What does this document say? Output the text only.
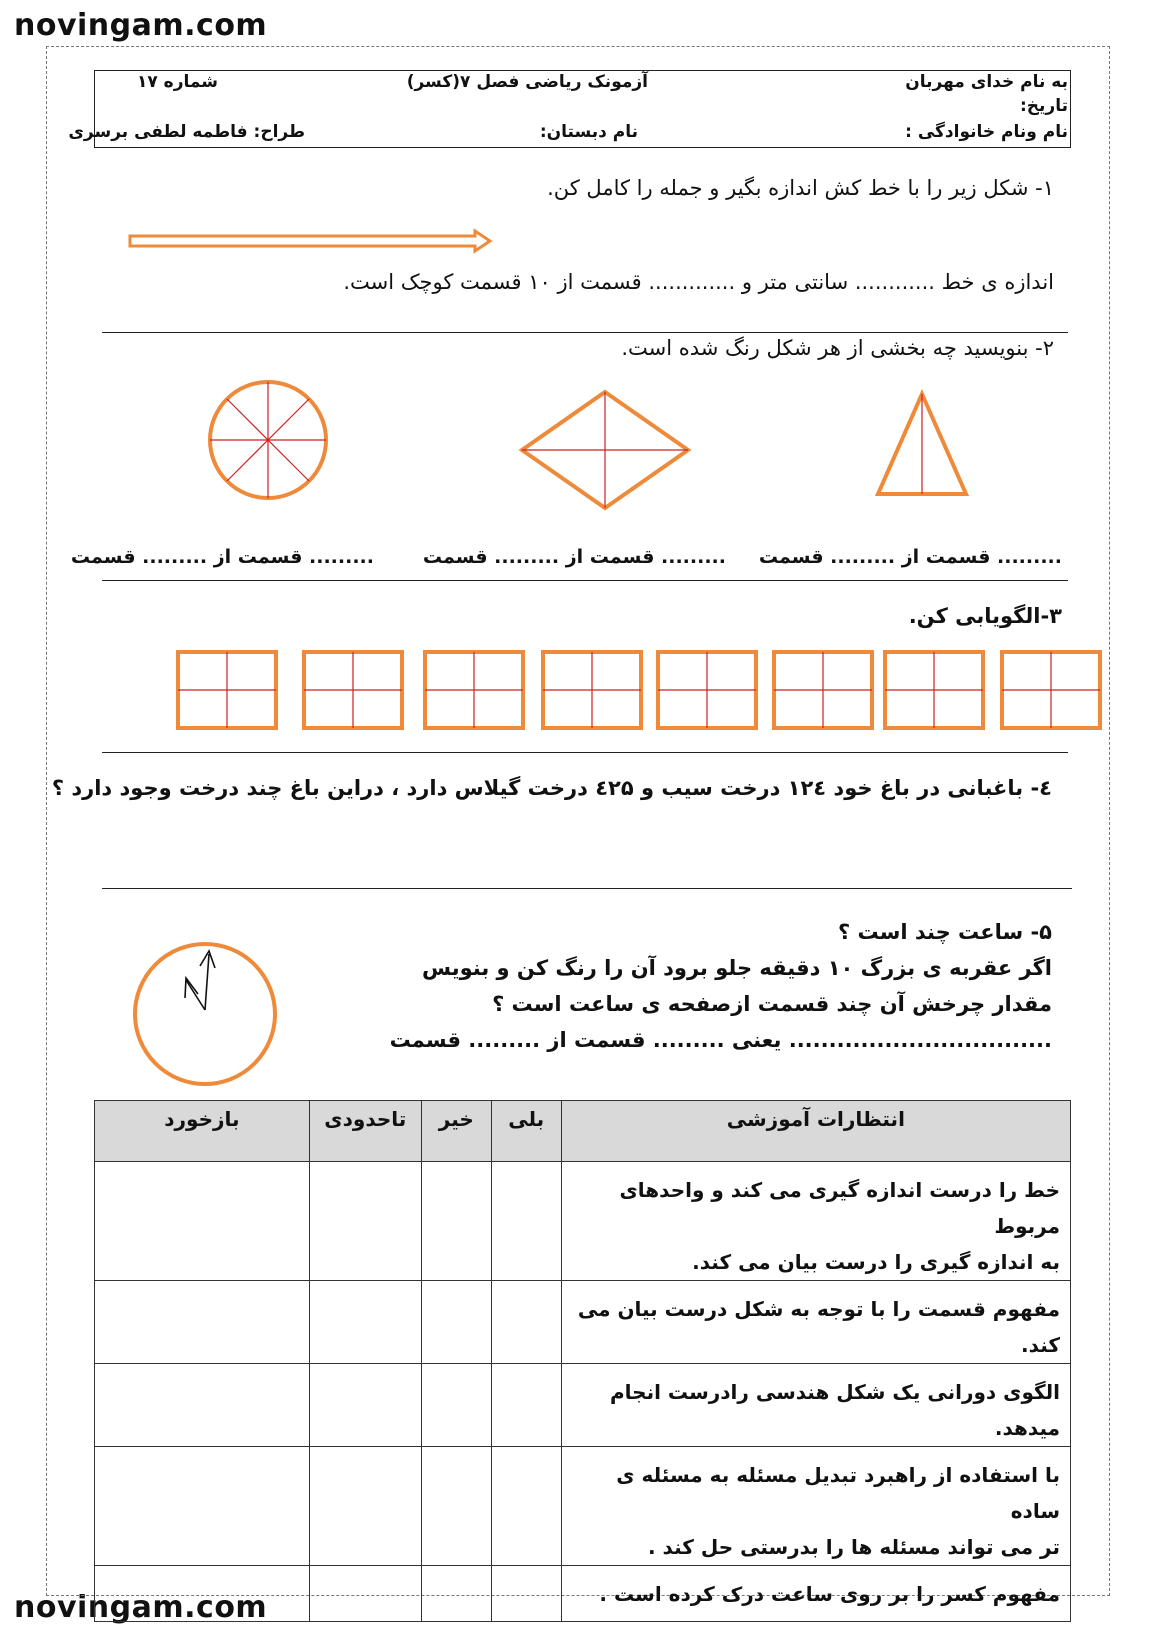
novingam.com
novingam.com
به نام خدای مهربان
تاریخ:
نام ونام خانوادگی :
آزمونک ریاضی فصل ۷(کسر)
نام دبستان:
شماره ۱۷
طراح: فاطمه لطفی برسری
۱- شکل زیر را با خط کش اندازه بگیر و جمله را کامل کن.
اندازه ی خط ............ سانتی متر و ............. قسمت از ۱۰ قسمت کوچک است.
۲- بنویسید چه بخشی از هر شکل رنگ شده است.
......... قسمت از ......... قسمت
......... قسمت از ......... قسمت
......... قسمت از ......... قسمت
۳-الگویابی کن.
٤- باغبانی در باغ خود ۱۲٤ درخت سیب و ٤۲۵ درخت گیلاس دارد ، دراین باغ چند درخت وجود دارد ؟
۵- ساعت چند است ؟
اگر عقربه ی بزرگ ۱۰ دقیقه جلو برود آن را رنگ کن و بنویس
مقدار چرخش آن چند قسمت ازصفحه ی ساعت است ؟
................................. یعنی ......... قسمت از ......... قسمت
انتظارات آموزشی	بلی	خیر	تاحدودی	بازخورد

خط را درست اندازه گیری می کند و واحدهای مربوط
به اندازه گیری را درست بیان می کند.				

مفهوم قسمت را با توجه به شکل درست بیان می کند.				

الگوی دورانی یک شکل هندسی رادرست انجام میدهد.				

با استفاده از راهبرد تبدیل مسئله به مسئله ی ساده
تر می تواند مسئله ها را بدرستی حل کند .				

مفهوم کسر را بر روی ساعت درک کرده است .				
